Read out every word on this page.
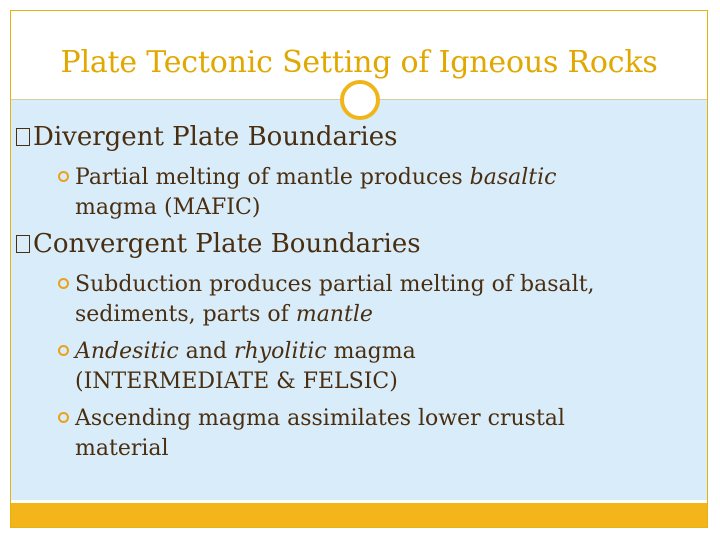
Plate Tectonic Setting of Igneous Rocks
Divergent Plate Boundaries
Partial melting of mantle produces basaltic
magma (MAFIC)
Convergent Plate Boundaries
Subduction produces partial melting of basalt,
sediments, parts of mantle
Andesitic and rhyolitic magma
(INTERMEDIATE & FELSIC)
Ascending magma assimilates lower crustal
material
